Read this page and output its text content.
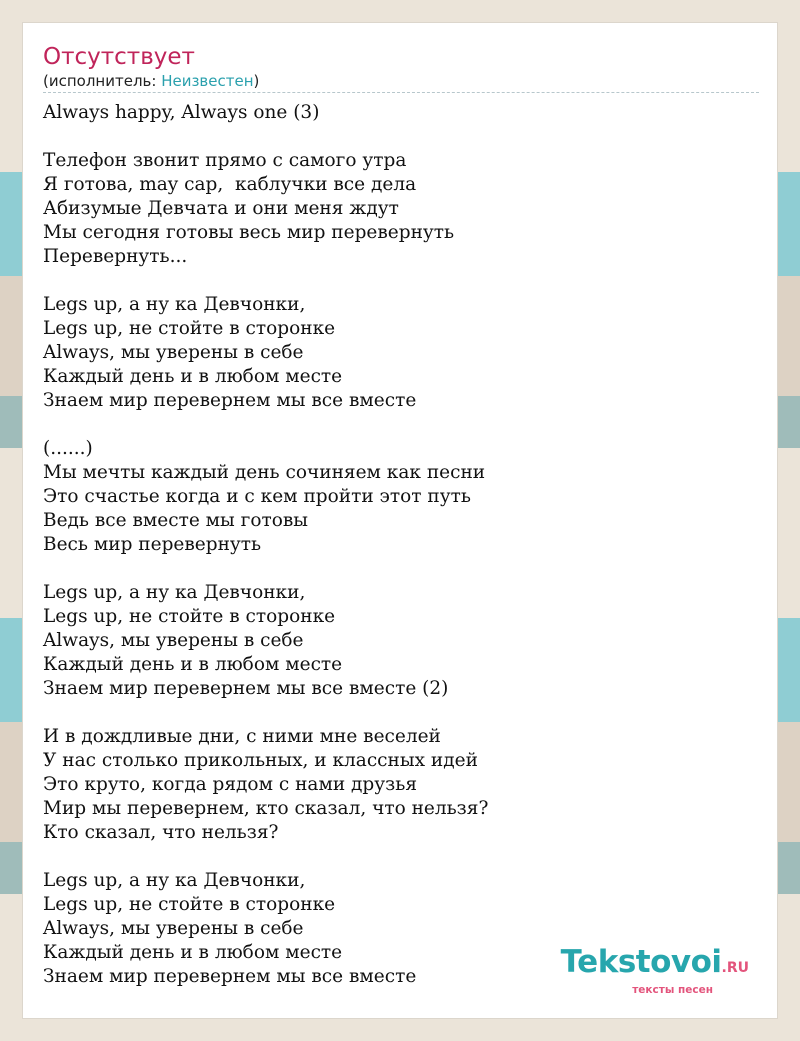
Отсутствует
(исполнитель: Неизвестен)
Always happy, Always one (3)
Телефон звонит прямо с самого утра
Я готова, may cap,  каблучки все дела
Абизумые Девчата и они меня ждут
Мы сегодня готовы весь мир перевернуть
Перевернуть...
Legs up, а ну ка Девчонки,
Legs up, не стойте в сторонке
Always, мы уверены в себе
Каждый день и в любом месте
Знаем мир перевернем мы все вместе
(......)
Мы мечты каждый день сочиняем как песни
Это счастье когда и с кем пройти этот путь
Ведь все вместе мы готовы
Весь мир перевернуть
Legs up, а ну ка Девчонки,
Legs up, не стойте в сторонке
Always, мы уверены в себе
Каждый день и в любом месте
Знаем мир перевернем мы все вместе (2)
И в дождливые дни, с ними мне веселей
У нас столько прикольных, и классных идей
Это круто, когда рядом с нами друзья
Мир мы перевернем, кто сказал, что нельзя?
Кто сказал, что нельзя?
Legs up, а ну ка Девчонки,
Legs up, не стойте в сторонке
Always, мы уверены в себе
Каждый день и в любом месте
Знаем мир перевернем мы все вместе	Tekstovoi.RU
тексты песен
